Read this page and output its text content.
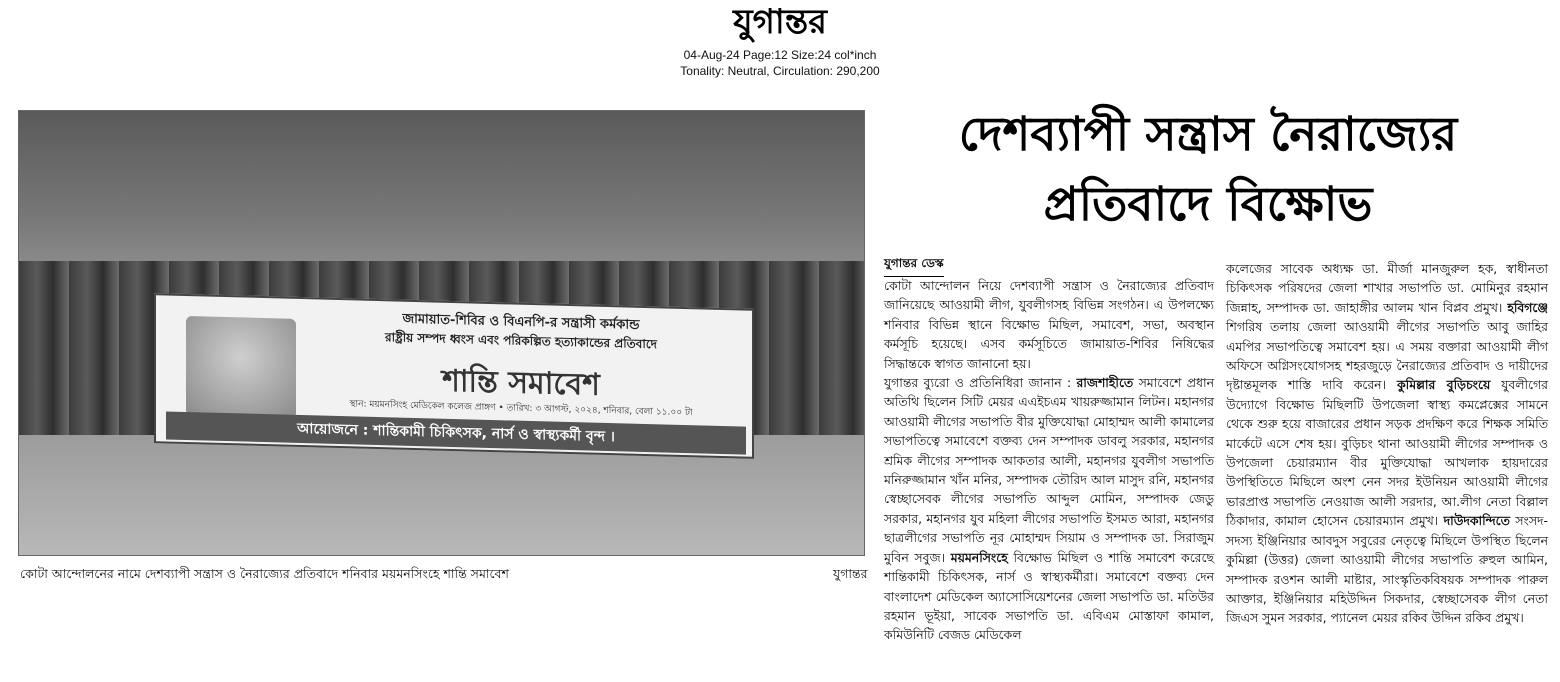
যুগান্তর
04-Aug-24 Page:12 Size:24 col*inch
Tonality: Neutral, Circulation: 290,200
জামায়াত-শিবির ও বিএনপি-র সন্ত্রাসী কর্মকান্ড
রাষ্ট্রীয় সম্পদ ধ্বংস এবং পরিকল্পিত হত্যাকান্ডের প্রতিবাদে
শান্তি সমাবেশ
স্থান: ময়মনসিংহ মেডিকেল কলেজ প্রাঙ্গণ • তারিখ: ৩ আগস্ট, ২০২৪, শনিবার, বেলা ১১.০০ টা
আয়োজনে : শান্তিকামী চিকিৎসক, নার্স ও স্বাস্থ্যকর্মী বৃন্দ ।
কোটা আন্দোলনের নামে দেশব্যাপী সন্ত্রাস ও নৈরাজ্যের প্রতিবাদে শনিবার ময়মনসিংহে শান্তি সমাবেশ	যুগান্তর
দেশব্যাপী সন্ত্রাস নৈরাজ্যের
প্রতিবাদে বিক্ষোভ
যুগান্তর ডেস্ক

কোটা আন্দোলন নিয়ে দেশব্যাপী সন্ত্রাস ও নৈরাজ্যের প্রতিবাদ জানিয়েছে আওয়ামী লীগ, যুবলীগসহ বিভিন্ন সংগঠন। এ উপলক্ষ্যে শনিবার বিভিন্ন স্থানে বিক্ষোভ মিছিল, সমাবেশ, সভা, অবস্থান কর্মসূচি হয়েছে। এসব কর্মসূচিতে জামায়াত-শিবির নিষিদ্ধের সিদ্ধান্তকে স্বাগত জানানো হয়।

যুগান্তর ব্যুরো ও প্রতিনিধিরা জানান : রাজশাহীতে সমাবেশে প্রধান অতিথি ছিলেন সিটি মেয়র এএইচএম খায়রুজ্জামান লিটন। মহানগর আওয়ামী লীগের সভাপতি বীর মুক্তিযোদ্ধা মোহাম্মদ আলী কামালের সভাপতিত্বে সমাবেশে বক্তব্য দেন সম্পাদক ডাবলু সরকার, মহানগর শ্রমিক লীগের সম্পাদক আকতার আলী, মহানগর যুবলীগ সভাপতি মনিরুজ্জামান খাঁন মনির, সম্পাদক তৌরিদ আল মাসুদ রনি, মহানগর স্বেচ্ছাসেবক লীগের সভাপতি আব্দুল মোমিন, সম্পাদক জেডু সরকার, মহানগর যুব মহিলা লীগের সভাপতি ইসমত আরা, মহানগর ছাত্রলীগের সভাপতি নূর মোহাম্মদ সিয়াম ও সম্পাদক ডা. সিরাজুম মুবিন সবুজ। ময়মনসিংহে বিক্ষোভ মিছিল ও শান্তি সমাবেশ করেছে শান্তিকামী চিকিৎসক, নার্স ও স্বাস্থ্যকর্মীরা। সমাবেশে বক্তব্য দেন বাংলাদেশ মেডিকেল অ্যাসোসিয়েশনের জেলা সভাপতি ডা. মতিউর রহমান ভূইয়া, সাবেক সভাপতি ডা. এবিএম মোস্তাফা কামাল, কমিউনিটি বেজড মেডিকেল

কলেজের সাবেক অধ্যক্ষ ডা. মীর্জা মানজুরুল হক, স্বাধীনতা চিকিৎসক পরিষদের জেলা শাখার সভাপতি ডা. মোমিনুর রহমান জিন্নাহ, সম্পাদক ডা. জাহাঙ্গীর আলম খান বিপ্লব প্রমুখ। হবিগঞ্জে শিগরিষ তলায় জেলা আওয়ামী লীগের সভাপতি আবু জাহির এমপির সভাপতিত্বে সমাবেশ হয়। এ সময় বক্তারা আওয়ামী লীগ অফিসে অগ্নিসংযোগসহ শহরজুড়ে নৈরাজ্যের প্রতিবাদ ও দায়ীদের দৃষ্টান্তমূলক শাস্তি দাবি করেন। কুমিল্লার বুড়িচংয়ে যুবলীগের উদ্যোগে বিক্ষোভ মিছিলটি উপজেলা স্বাস্থ্য কমপ্লেক্সের সামনে থেকে শুরু হয়ে বাজারের প্রধান সড়ক প্রদক্ষিণ করে শিক্ষক সমিতি মার্কেটে এসে শেষ হয়। বুড়িচং থানা আওয়ামী লীগের সম্পাদক ও উপজেলা চেয়ারম্যান বীর মুক্তিযোদ্ধা আখলাক হায়দারের উপস্থিতিতে মিছিলে অংশ নেন সদর ইউনিয়ন আওয়ামী লীগের ভারপ্রাপ্ত সভাপতি নেওয়াজ আলী সরদার, আ.লীগ নেতা বিল্লাল ঠিকাদার, কামাল হোসেন চেয়ারম্যান প্রমুখ। দাউদকান্দিতে সংসদ-সদস্য ইঞ্জিনিয়ার আবদুস সবুরের নেতৃত্বে মিছিলে উপস্থিত ছিলেন কুমিল্লা (উত্তর) জেলা আওয়ামী লীগের সভাপতি রুহুল আমিন, সম্পাদক রওশন আলী মাষ্টার, সাংস্কৃতিকবিষয়ক সম্পাদক পারুল আক্তার, ইঞ্জিনিয়ার মহিউদ্দিন সিকদার, স্বেচ্ছাসেবক লীগ নেতা জিএস সুমন সরকার, প্যানেল মেয়র রকিব উদ্দিন রকিব প্রমুখ।
